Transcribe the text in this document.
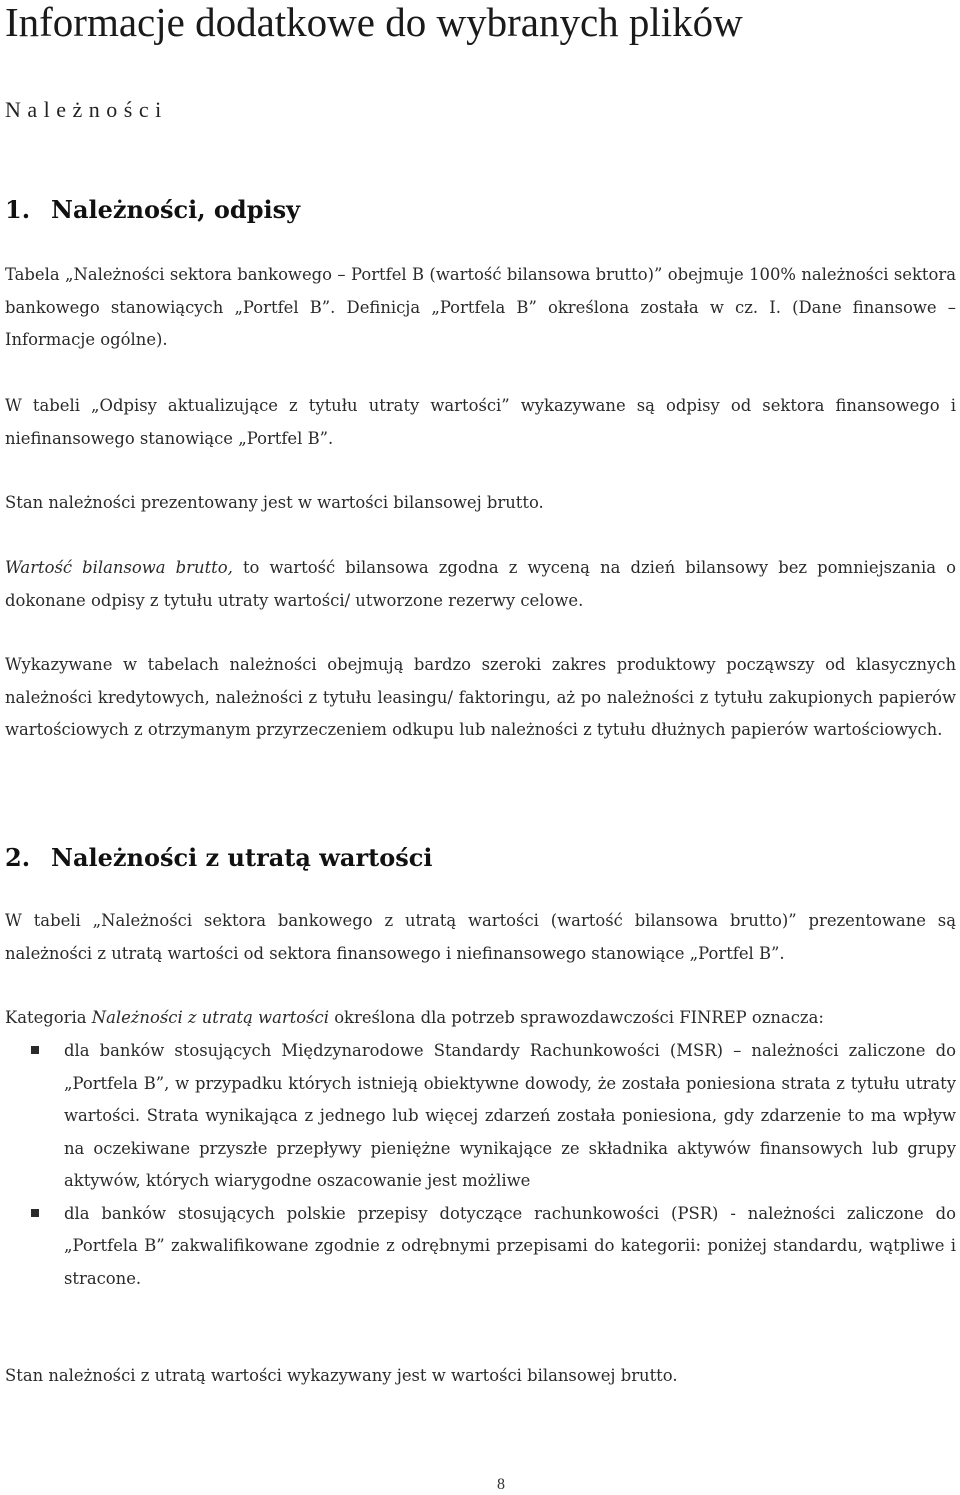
Informacje dodatkowe do wybranych plików
Należności
1. Należności, odpisy
Tabela „Należności sektora bankowego – Portfel B (wartość bilansowa brutto)” obejmuje 100% należności sektora bankowego stanowiących „Portfel B”. Definicja „Portfela B” określona została w cz. I. (Dane finansowe – Informacje ogólne).
W tabeli „Odpisy aktualizujące z tytułu utraty wartości” wykazywane są odpisy od sektora finansowego i niefinansowego stanowiące „Portfel B”.
Stan należności prezentowany jest w wartości bilansowej brutto.
Wartość bilansowa brutto, to wartość bilansowa zgodna z wyceną na dzień bilansowy bez pomniejszania o dokonane odpisy z tytułu utraty wartości/ utworzone rezerwy celowe.
Wykazywane w tabelach należności obejmują bardzo szeroki zakres produktowy począwszy od klasycznych należności kredytowych, należności z tytułu leasingu/ faktoringu, aż po należności z tytułu zakupionych papierów wartościowych z otrzymanym przyrzeczeniem odkupu lub należności z tytułu dłużnych papierów wartościowych.
2. Należności z utratą wartości
W tabeli „Należności sektora bankowego z utratą wartości (wartość bilansowa brutto)” prezentowane są należności z utratą wartości od sektora finansowego i niefinansowego stanowiące „Portfel B”.
Kategoria Należności z utratą wartości określona dla potrzeb sprawozdawczości FINREP oznacza:
dla banków stosujących Międzynarodowe Standardy Rachunkowości (MSR) – należności zaliczone do „Portfela B”, w przypadku których istnieją obiektywne dowody, że została poniesiona strata z tytułu utraty wartości. Strata wynikająca z jednego lub więcej zdarzeń została poniesiona, gdy zdarzenie to ma wpływ na oczekiwane przyszłe przepływy pieniężne wynikające ze składnika aktywów finansowych lub grupy aktywów, których wiarygodne oszacowanie jest możliwe
dla banków stosujących polskie przepisy dotyczące rachunkowości (PSR) - należności zaliczone do „Portfela B” zakwalifikowane zgodnie z odrębnymi przepisami do kategorii: poniżej standardu, wątpliwe i stracone.
Stan należności z utratą wartości wykazywany jest w wartości bilansowej brutto.
8
